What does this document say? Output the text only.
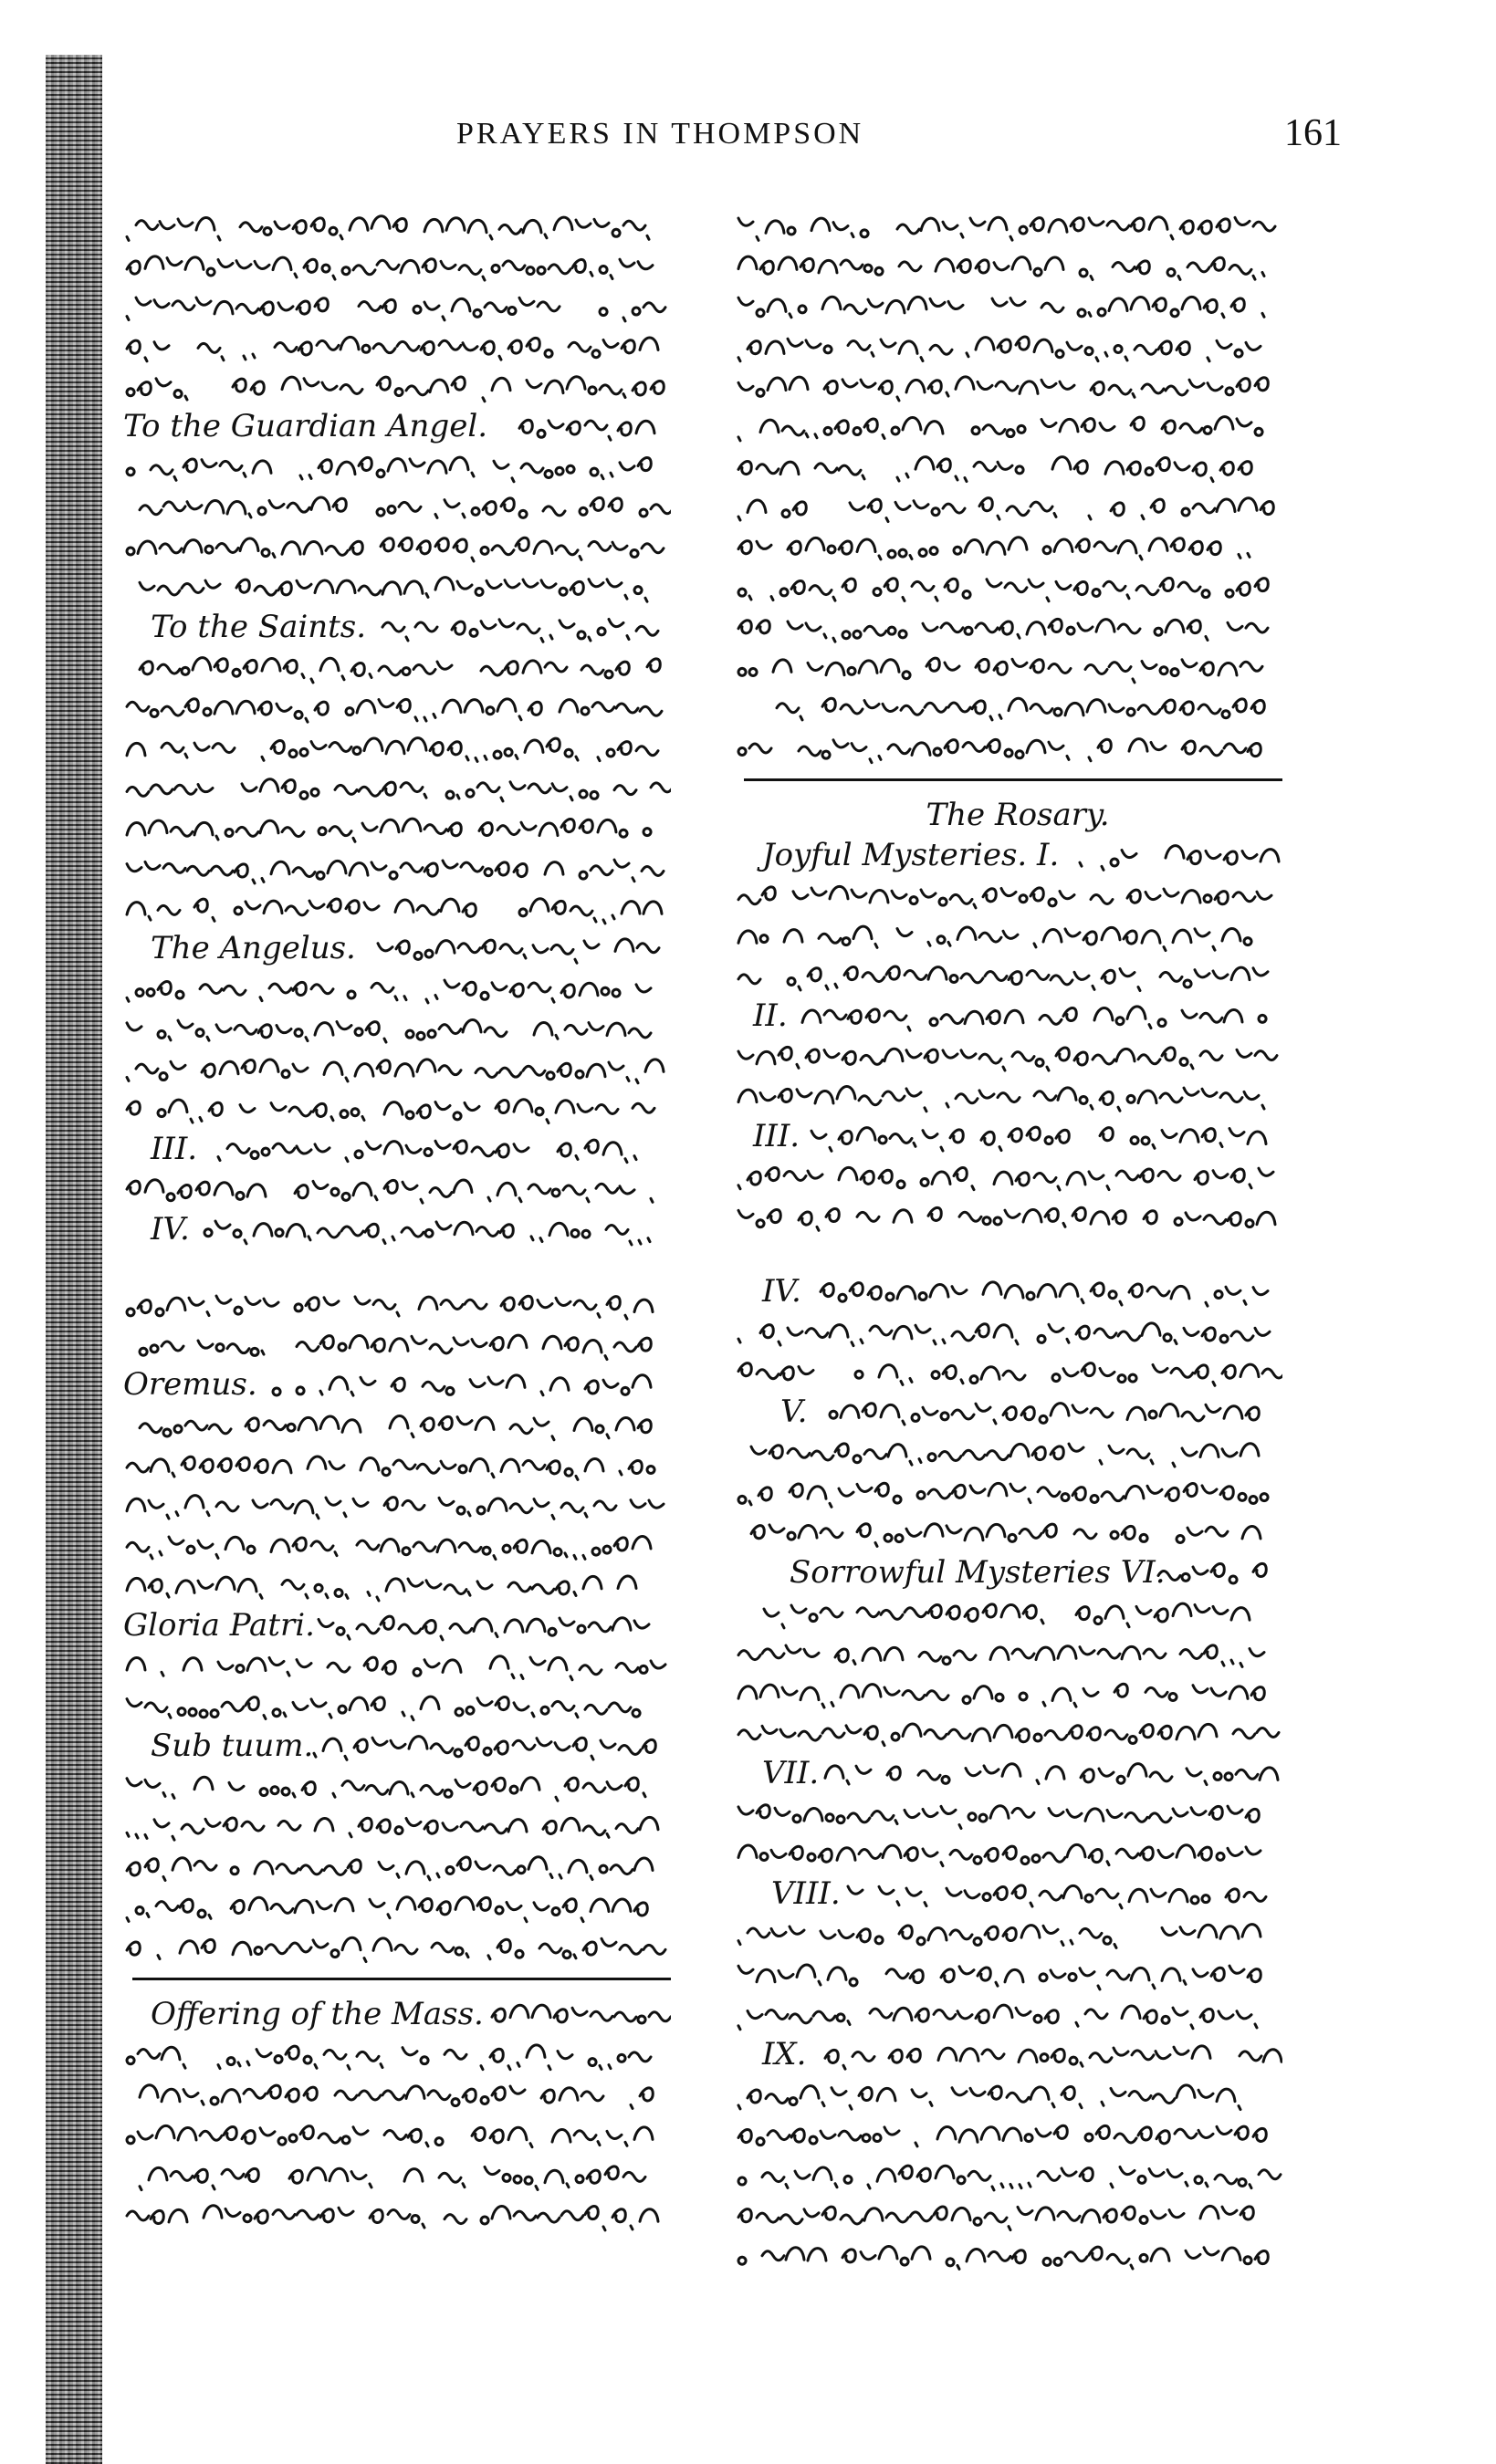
PRAYERS IN THOMPSON	161
To the Guardian Angel.
To the Saints.
The Angelus.
III.
IV.
Oremus.
Gloria Patri.
Sub tuum.
Offering of the Mass.
The Rosary.
Joyful Mysteries. I.
II.
III.
IV.
V.
Sorrowful Mysteries VI.
VII.
VIII.
IX.
